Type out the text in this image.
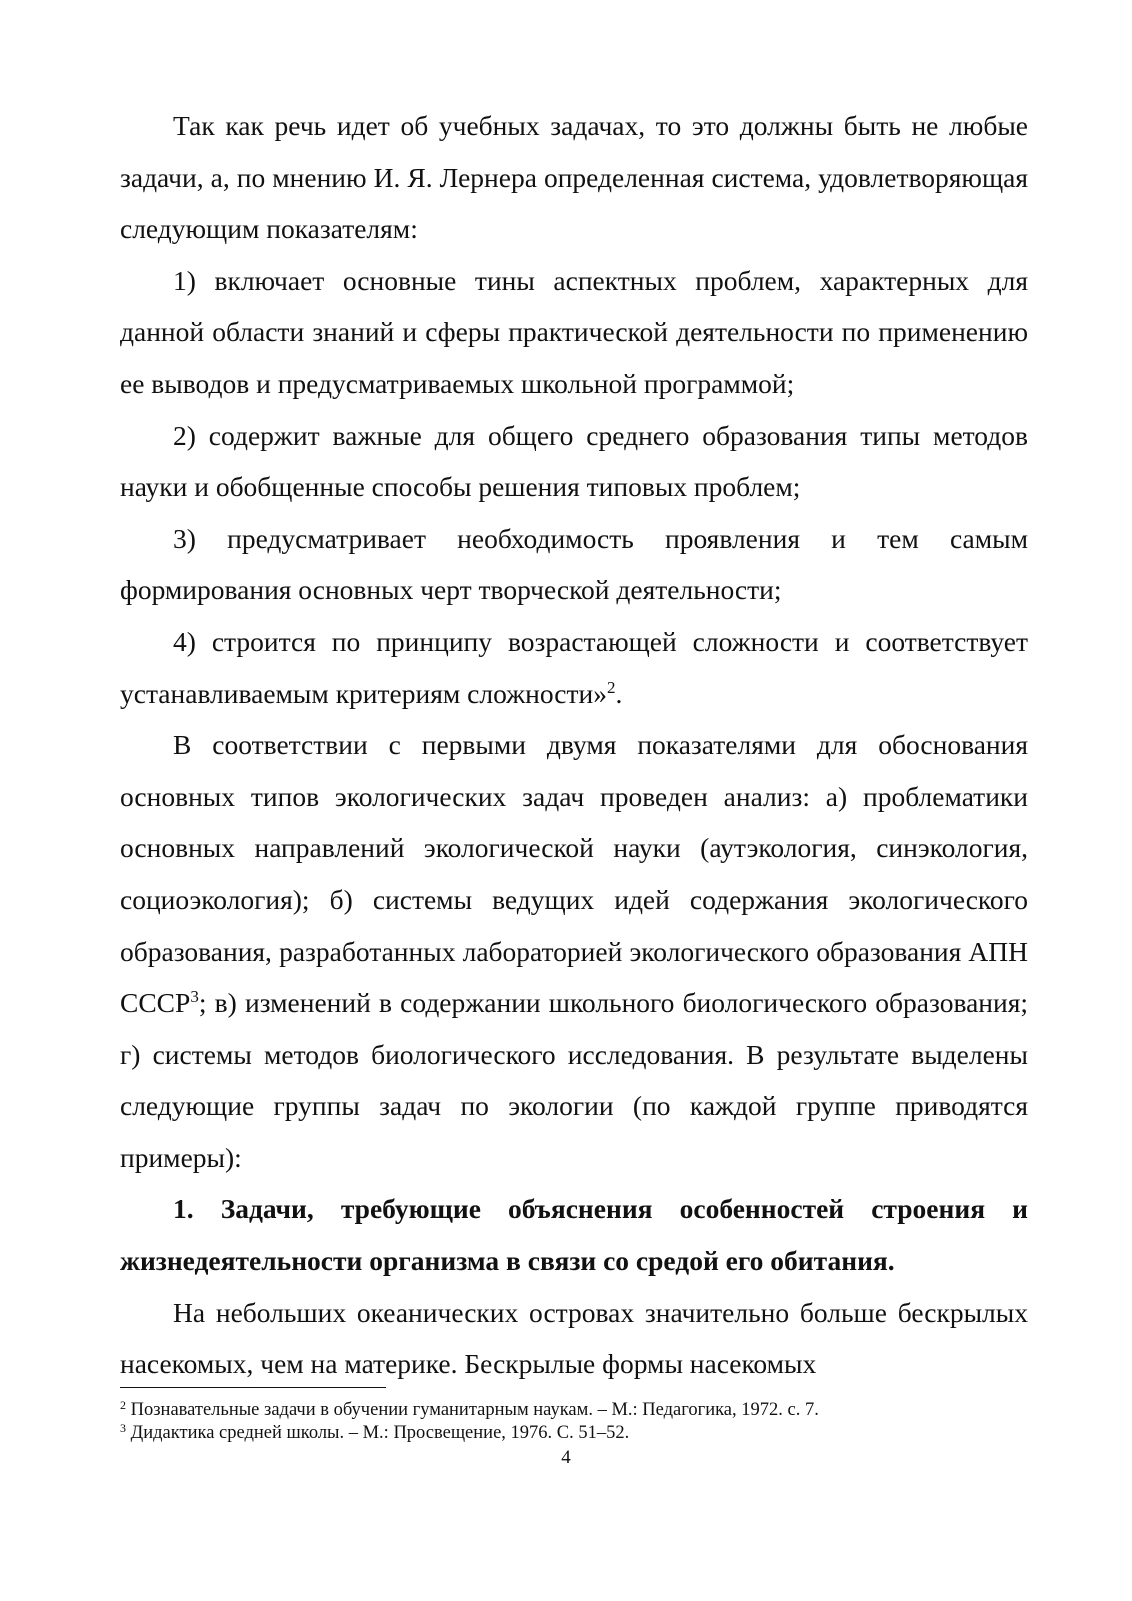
Так как речь идет об учебных задачах, то это должны быть не любые задачи, а, по мнению И. Я. Лернера определенная система, удовлетворяющая следующим показателям:

1) включает основные тины аспектных проблем, характерных для данной области знаний и сферы практической деятельности по применению ее выводов и предусматриваемых школьной программой;

2) содержит важные для общего среднего образования типы методов науки и обобщенные способы решения типовых проблем;

3) предусматривает необходимость проявления и тем самым формирования основных черт творческой деятельности;

4) строится по принципу возрастающей сложности и соответствует устанавливаемым критериям сложности»$^2$.

В соответствии с первыми двумя показателями для обоснования основных типов экологических задач проведен анализ: а) проблематики основных направлений экологической науки (аутэкология, синэкология, социоэкология); б) системы ведущих идей содержания экологического образования, разработанных лабораторией экологического образования АПН СССР$^3$; в) изменений в содержании школьного биологического образования; г) системы методов биологического исследования. В результате выделены следующие группы задач по экологии (по каждой группе приводятся примеры):

1. Задачи, требующие объяснения особенностей строения и жизнедеятельности организма в связи со средой его обитания.

На небольших океанических островах значительно больше бескрылых насекомых, чем на материке. Бескрылые формы насекомых

$^2$ Познавательные задачи в обучении гуманитарным наукам. – М.: Педагогика, 1972. с. 7.

$^3$ Дидактика средней школы. – М.: Просвещение, 1976. С. 51–52.

4
